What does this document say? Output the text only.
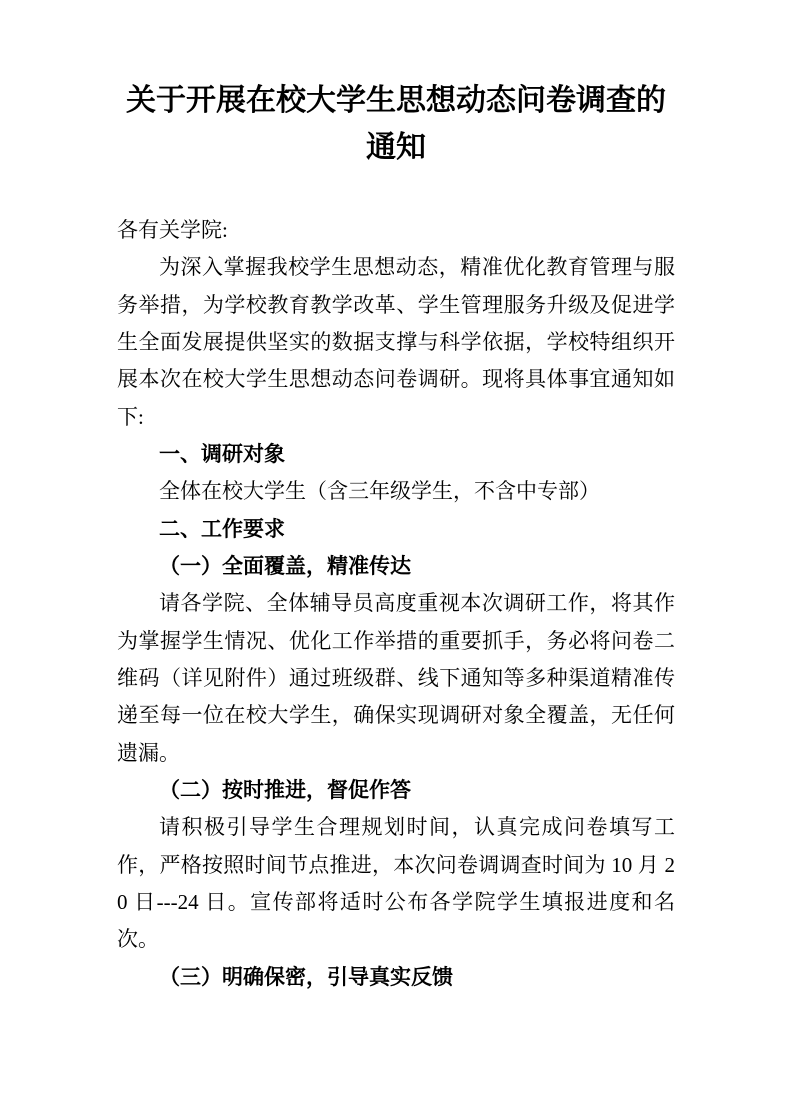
关于开展在校大学生思想动态问卷调查的通知

各有关学院:

为深入掌握我校学生思想动态，精准优化教育管理与服务举措，为学校教育教学改革、学生管理服务升级及促进学生全面发展提供坚实的数据支撑与科学依据，学校特组织开展本次在校大学生思想动态问卷调研。现将具体事宜通知如下:

一、调研对象

全体在校大学生（含三年级学生，不含中专部）

二、工作要求

（一）全面覆盖，精准传达

请各学院、全体辅导员高度重视本次调研工作，将其作为掌握学生情况、优化工作举措的重要抓手，务必将问卷二维码（详见附件）通过班级群、线下通知等多种渠道精准传递至每一位在校大学生，确保实现调研对象全覆盖，无任何遗漏。

（二）按时推进，督促作答

请积极引导学生合理规划时间，认真完成问卷填写工作，严格按照时间节点推进，本次问卷调调查时间为 10 月 20 日---24 日。宣传部将适时公布各学院学生填报进度和名次。

（三）明确保密，引导真实反馈
